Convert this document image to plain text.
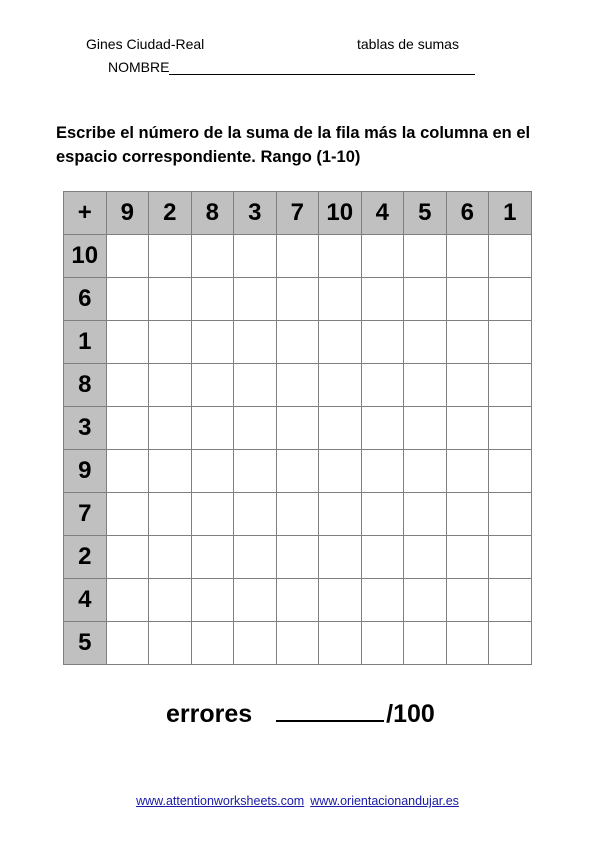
Gines Ciudad-Real	tablas de sumas
NOMBRE
Escribe el número de la suma de la fila más la columna en el espacio correspondiente. Rango (1-10)
+	9	2	8	3	7	10	4	5	6	1
10										
6										
1										
8										
3										
9										
7										
2										
4										
5										
errores	/100
www.attentionworksheets.com www.orientacionandujar.es
